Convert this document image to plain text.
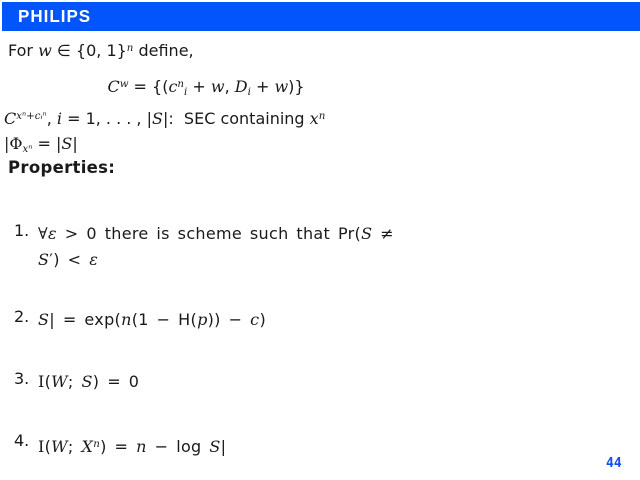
PHILIPS
For w ∈ {0, 1}$^n$ define,
$C^w = \{(c^n_i + w$, $D_i + w$)}
$C^{x^n+cᵢ^n}$, i = 1, . . . , |S|:  SEC containing $x^n$
$|\Phi_{x^n} = |S|$
Properties:
1. ∀ε > 0 there is scheme such that Pr(S ≠
S′) < ε
2. S| = exp(n(1 − H(p)) − c)
3. I(W; S) = 0
4. I(W; $X^n) = n - \log S|$
44
